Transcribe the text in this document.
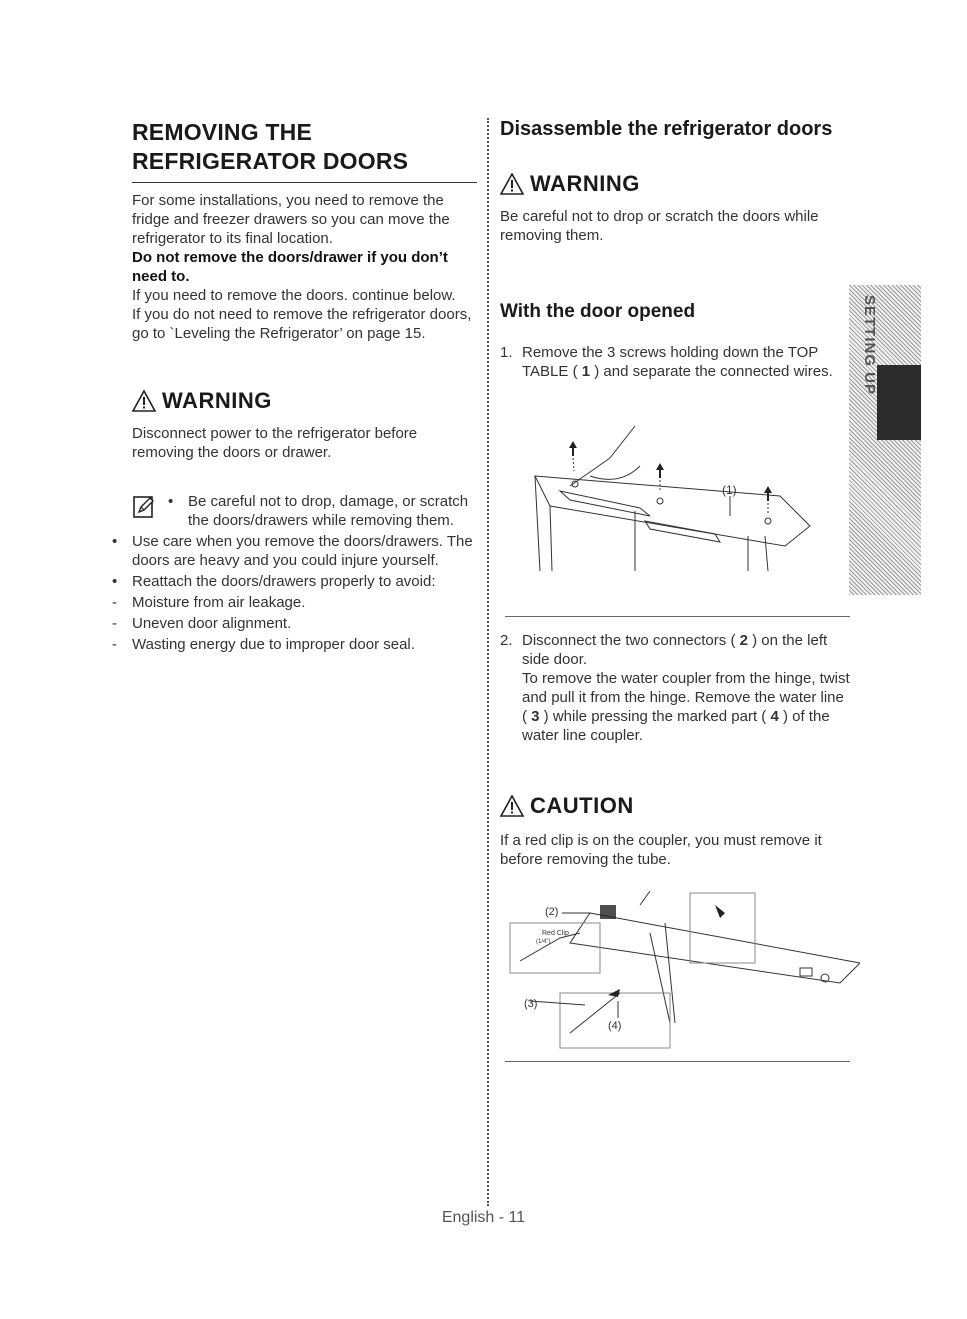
REMOVING THE
REFRIGERATOR DOORS

For some installations, you need to remove the fridge and freezer drawers so you can move the refrigerator to its final location.

Do not remove the doors/drawer if you don’t need to.

If you need to remove the doors. continue below.

If you do not need to remove the refrigerator doors, go to `Leveling the Refrigerator’ on page 15.

WARNING

Disconnect power to the refrigerator before removing the doors or drawer.

• Be careful not to drop, damage, or scratch the doors/drawers while removing them.
• Use care when you remove the doors/drawers. The doors are heavy and you could injure yourself.
• Reattach the doors/drawers properly to avoid:
- Moisture from air leakage.
- Uneven door alignment.
- Wasting energy due to improper door seal.

Disassemble the refrigerator doors

WARNING

Be careful not to drop or scratch the doors while removing them.

With the door opened

1. Remove the 3 screws holding down the TOP TABLE ( 1 ) and separate the connected wires.
(1)
2. Disconnect the two connectors ( 2 ) on the left side door.
To remove the water coupler from the hinge, twist and pull it from the hinge. Remove the water line ( 3 ) while pressing the marked part ( 4 ) of the water line coupler.
CAUTION

If a red clip is on the coupler, you must remove it before removing the tube.

(2)
(3)
(4)
Red Clip
(1/4")
SETTING UP
English - 11
